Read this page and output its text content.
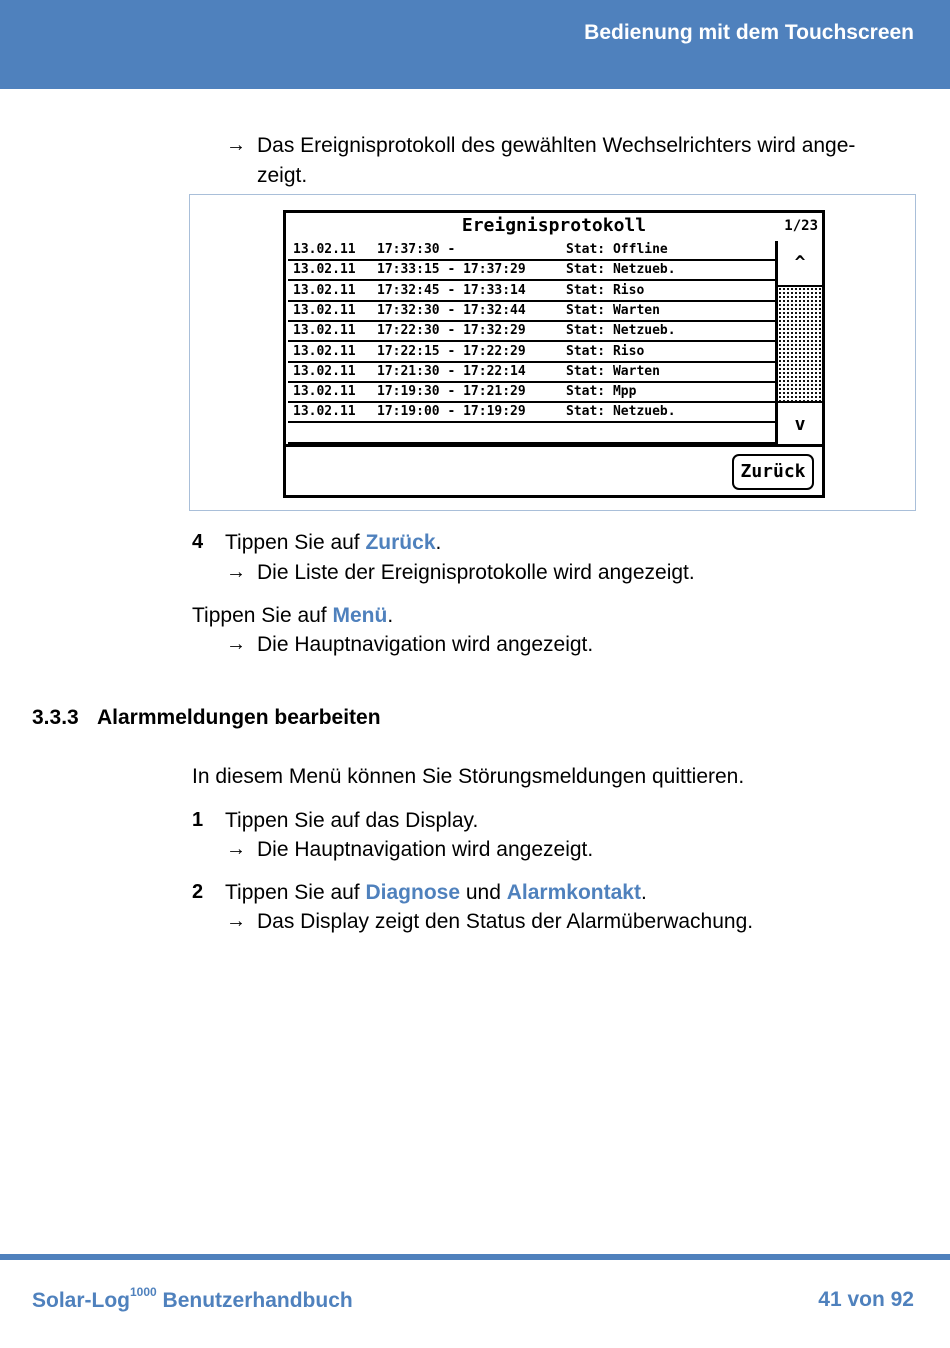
Bedienung mit dem Touchscreen
→ Das Ereignisprotokoll des gewählten Wechselrichters wird ange-
zeigt.
Ereignisprotokoll	1/23
13.02.11 17:37:30 -	Stat: Offline
13.02.11 17:33:15 - 17:37:29	Stat: Netzueb.
13.02.11 17:32:45 - 17:33:14	Stat: Riso
13.02.11 17:32:30 - 17:32:44	Stat: Warten
13.02.11 17:22:30 - 17:32:29	Stat: Netzueb.
13.02.11 17:22:15 - 17:22:29	Stat: Riso
13.02.11 17:21:30 - 17:22:14	Stat: Warten
13.02.11 17:19:30 - 17:21:29	Stat: Mpp
13.02.11 17:19:00 - 17:19:29	Stat: Netzueb.
^
v
Zurück
4 Tippen Sie auf Zurück.
→ Die Liste der Ereignisprotokolle wird angezeigt.
Tippen Sie auf Menü.
→ Die Hauptnavigation wird angezeigt.
3.3.3 Alarmmeldungen bearbeiten
In diesem Menü können Sie Störungsmeldungen quittieren.
1 Tippen Sie auf das Display.
→ Die Hauptnavigation wird angezeigt.
2 Tippen Sie auf Diagnose und Alarmkontakt.
→ Das Display zeigt den Status der Alarmüberwachung.
Solar-Log$^{1000}$ Benutzerhandbuch	41 von 92
